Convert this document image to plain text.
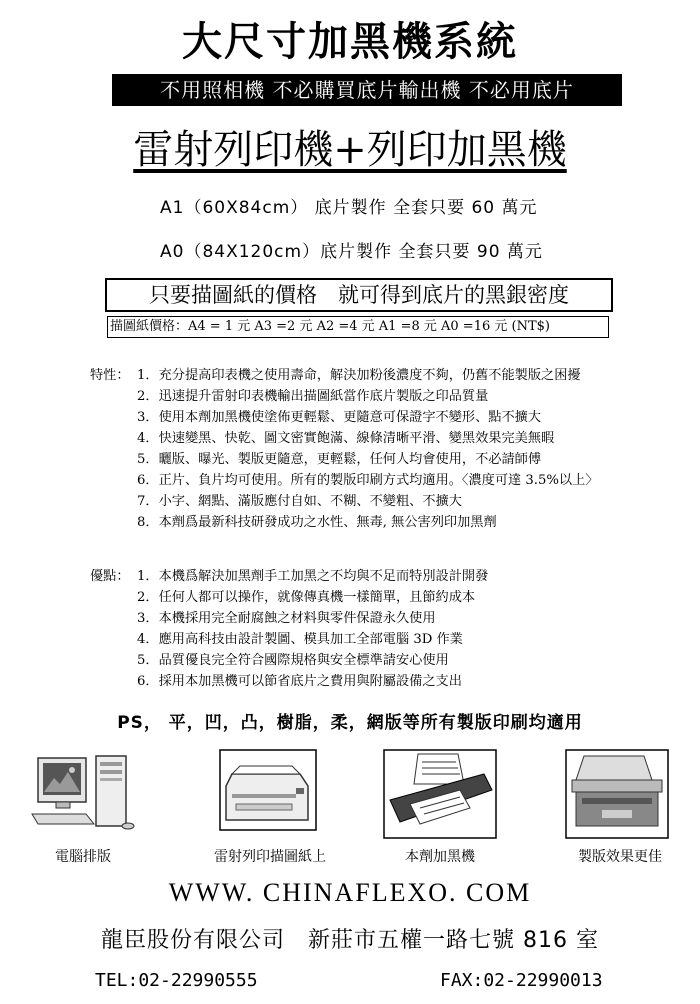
大尺寸加黑機系統
不用照相機 不必購買底片輸出機 不必用底片
雷射列印機+列印加黑機
A1（60X84cm） 底片製作 全套只要 60 萬元
A0（84X120cm）底片製作 全套只要 90 萬元
只要描圖紙的價格　就可得到底片的黑銀密度
描圖紙價格：A4 = 1 元 A3 =2 元 A2 =4 元 A1 =8 元 A0 =16 元 (NT$)
特性： 1．充分提高印表機之使用壽命，解決加粉後濃度不夠，仍舊不能製版之困擾
2．迅速提升雷射印表機輸出描圖紙當作底片製版之印品質量
3．使用本劑加黑機使塗佈更輕鬆、更隨意可保證字不變形、點不擴大
4．快速變黑、快乾、圖文密實飽滿、線條清晰平滑、變黑效果完美無暇
5．曬版、曝光、製版更隨意，更輕鬆，任何人均會使用，不必請師傅
6．正片、負片均可使用。所有的製版印刷方式均適用。〈濃度可達 3.5%以上〉
7．小字、網點、滿版應付自如、不糊、不變粗、不擴大
8．本劑爲最新科技研發成功之水性、無毒, 無公害列印加黑劑
優點： 1．本機爲解決加黑劑手工加黑之不均與不足而特別設計開發
2．任何人都可以操作，就像傳真機一樣簡單，且節約成本
3．本機採用完全耐腐蝕之材料與零件保證永久使用
4．應用高科技由設計製圖、模具加工全部電腦 3D 作業
5．品質優良完全符合國際規格與安全標準請安心使用
6．採用本加黑機可以節省底片之費用與附屬設備之支出
PS， 平，凹，凸，樹脂，柔，網版等所有製版印刷均適用
電腦排版	雷射列印描圖紙上	本劑加黑機	製版效果更佳
WWW. CHINAFLEXO. COM
龍臣股份有限公司　新莊市五權一路七號 816 室
TEL:02-22990555	FAX:02-22990013
